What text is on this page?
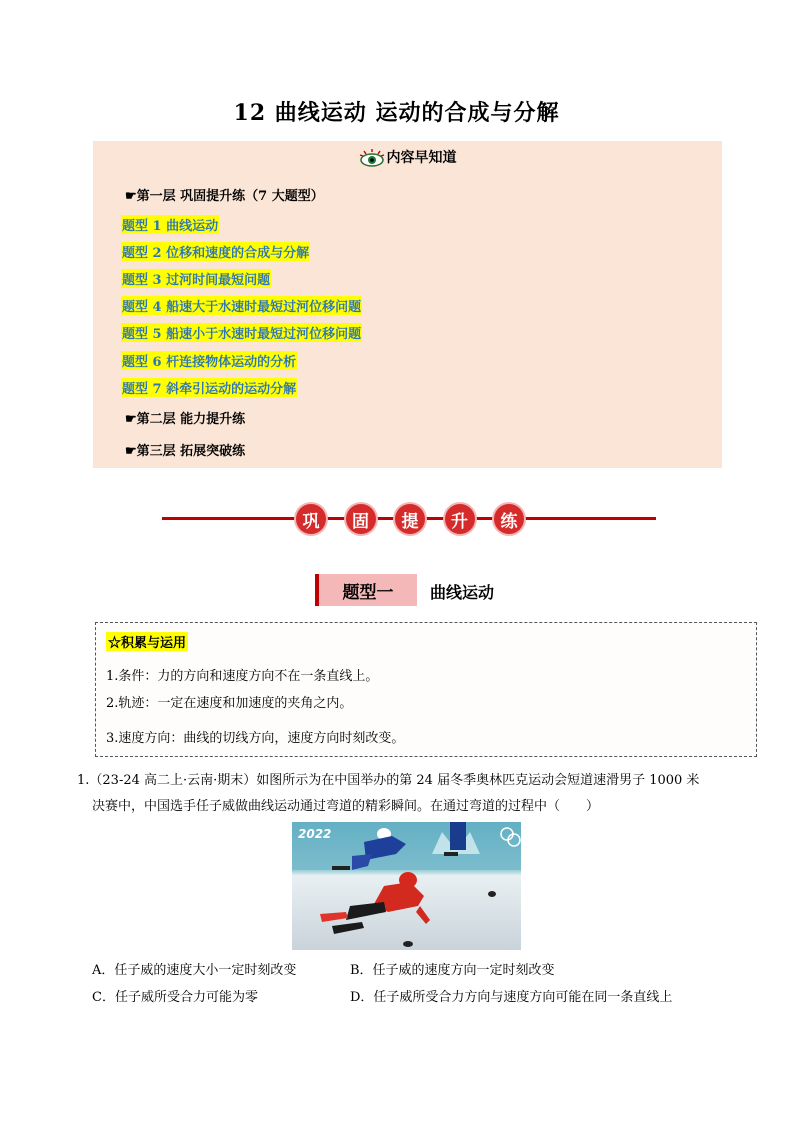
12 曲线运动 运动的合成与分解
内容早知道
☛第一层 巩固提升练（7 大题型）
题型 1 曲线运动
题型 2 位移和速度的合成与分解
题型 3 过河时间最短问题
题型 4 船速大于水速时最短过河位移问题
题型 5 船速小于水速时最短过河位移问题
题型 6 杆连接物体运动的分析
题型 7 斜牵引运动的运动分解
☛第二层 能力提升练
☛第三层 拓展突破练
巩	固	提	升	练
题型一	曲线运动
☆积累与运用
1.条件：力的方向和速度方向不在一条直线上。
2.轨迹：一定在速度和加速度的夹角之内。
3.速度方向：曲线的切线方向，速度方向时刻改变。
1.（23-24 高二上·云南·期末）如图所示为在中国举办的第 24 届冬季奥林匹克运动会短道速滑男子 1000 米
决赛中，中国选手任子威做曲线运动通过弯道的精彩瞬间。在通过弯道的过程中（　　）
2022
A．任子威的速度大小一定时刻改变	B．任子威的速度方向一定时刻改变
C．任子威所受合力可能为零	D．任子威所受合力方向与速度方向可能在同一条直线上
